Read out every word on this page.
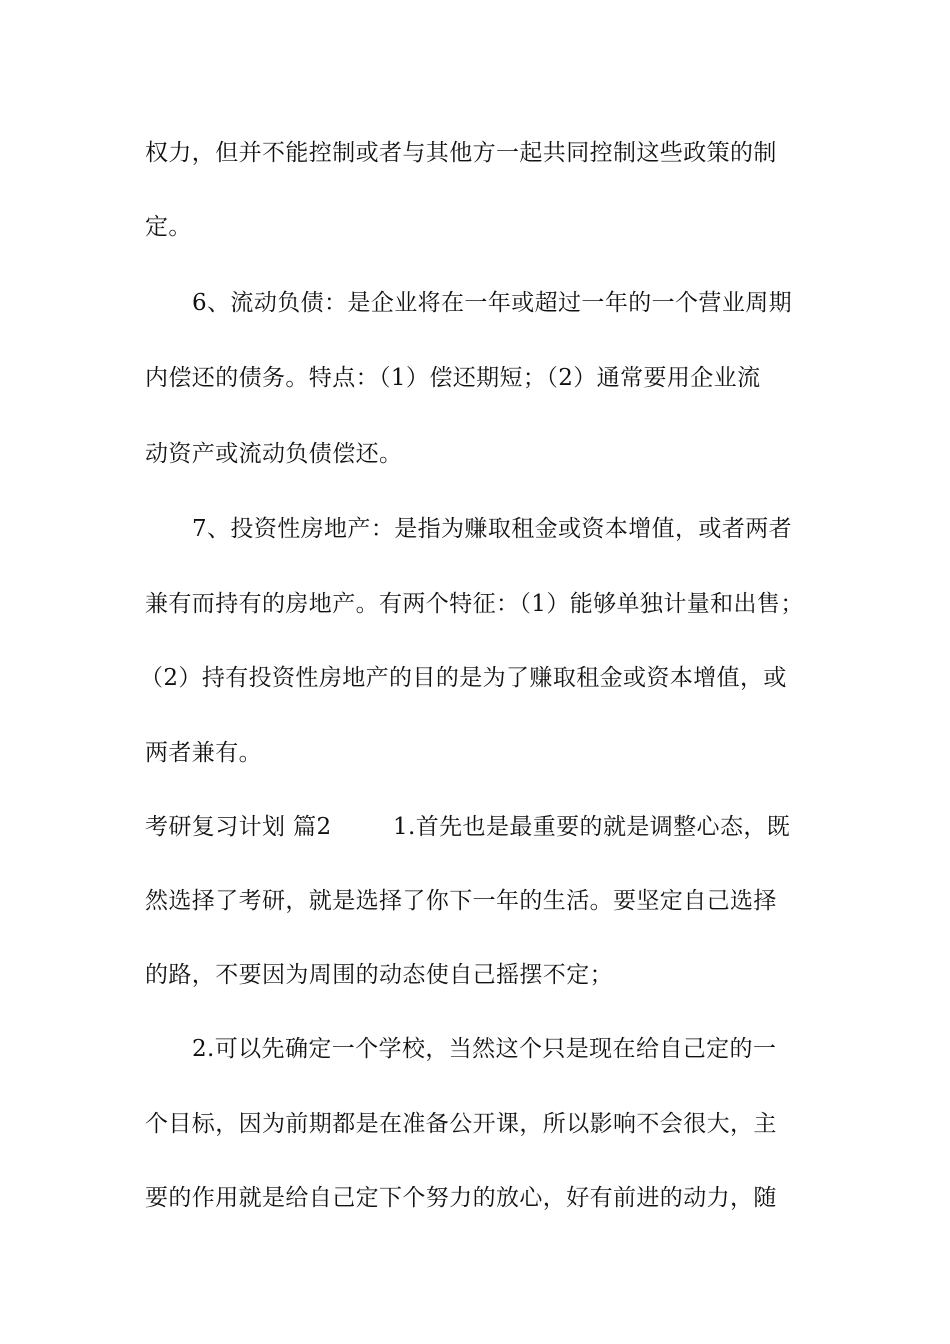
权力，但并不能控制或者与其他方一起共同控制这些政策的制
定。
6、流动负债：是企业将在一年或超过一年的一个营业周期
内偿还的债务。特点：（1）偿还期短；（2）通常要用企业流
动资产或流动负债偿还。
7、投资性房地产：是指为赚取租金或资本增值，或者两者
兼有而持有的房地产。有两个特征：（1）能够单独计量和出售；
（2）持有投资性房地产的目的是为了赚取租金或资本增值，或
两者兼有。
考研复习计划 篇2	1.首先也是最重要的就是调整心态，既
然选择了考研，就是选择了你下一年的生活。要坚定自己选择
的路，不要因为周围的动态使自己摇摆不定；
2.可以先确定一个学校，当然这个只是现在给自己定的一
个目标，因为前期都是在准备公开课，所以影响不会很大，主
要的作用就是给自己定下个努力的放心，好有前进的动力，随
